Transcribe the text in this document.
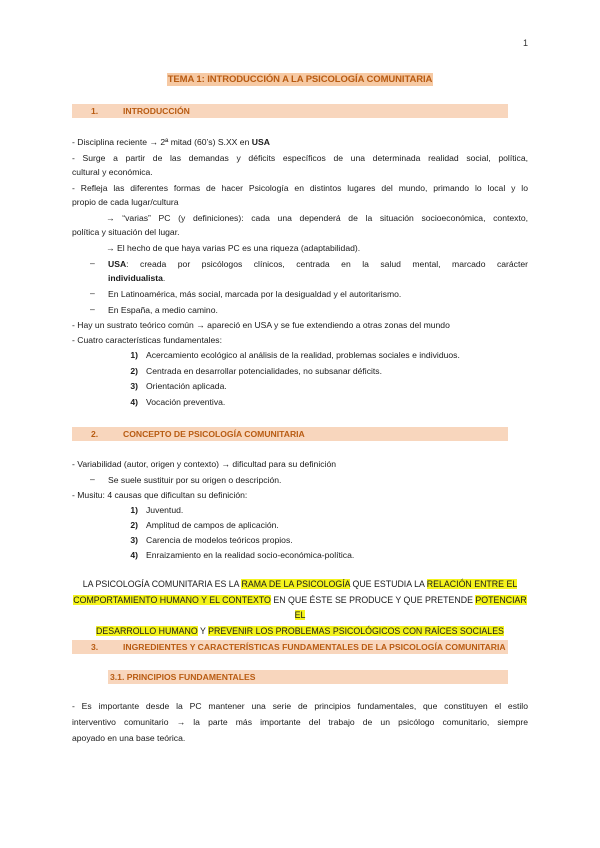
1
TEMA 1: INTRODUCCIÓN A LA PSICOLOGÍA COMUNITARIA
1.	INTRODUCCIÓN
- Disciplina reciente → 2ª mitad (60’s) S.XX en USA
- Surge a partir de las demandas y déficits específicos de una determinada realidad social, política,
cultural y económica.
- Refleja las diferentes formas de hacer Psicología en distintos lugares del mundo, primando lo local y lo
propio de cada lugar/cultura
→ “varias” PC (y definiciones): cada una dependerá de la situación socioeconómica, contexto,
política y situación del lugar.
→ El hecho de que haya varias PC es una riqueza (adaptabilidad).
– USA: creada por psicólogos clínicos, centrada en la salud mental, marcado carácter
individualista.
– En Latinoamérica, más social, marcada por la desigualdad y el autoritarismo.
– En España, a medio camino.
- Hay un sustrato teórico común → apareció en USA y se fue extendiendo a otras zonas del mundo
- Cuatro características fundamentales:
1) Acercamiento ecológico al análisis de la realidad, problemas sociales e individuos.
2) Centrada en desarrollar potencialidades, no subsanar déficits.
3) Orientación aplicada.
4) Vocación preventiva.
2.	CONCEPTO DE PSICOLOGÍA COMUNITARIA
- Variabilidad (autor, origen y contexto) → dificultad para su definición
– Se suele sustituir por su origen o descripción.
- Musitu: 4 causas que dificultan su definición:
1) Juventud.
2) Amplitud de campos de aplicación.
3) Carencia de modelos teóricos propios.
4) Enraizamiento en la realidad socio-económica-política.
LA PSICOLOGÍA COMUNITARIA ES LA RAMA DE LA PSICOLOGÍA QUE ESTUDIA LA RELACIÓN ENTRE EL
COMPORTAMIENTO HUMANO Y EL CONTEXTO EN QUE ÉSTE SE PRODUCE Y QUE PRETENDE POTENCIAR EL
DESARROLLO HUMANO Y PREVENIR LOS PROBLEMAS PSICOLÓGICOS CON RAÍCES SOCIALES
3.	INGREDIENTES Y CARACTERÍSTICAS FUNDAMENTALES DE LA PSICOLOGÍA COMUNITARIA
3.1. PRINCIPIOS FUNDAMENTALES
- Es importante desde la PC mantener una serie de principios fundamentales, que constituyen el estilo
interventivo comunitario → la parte más importante del trabajo de un psicólogo comunitario, siempre
apoyado en una base teórica.
